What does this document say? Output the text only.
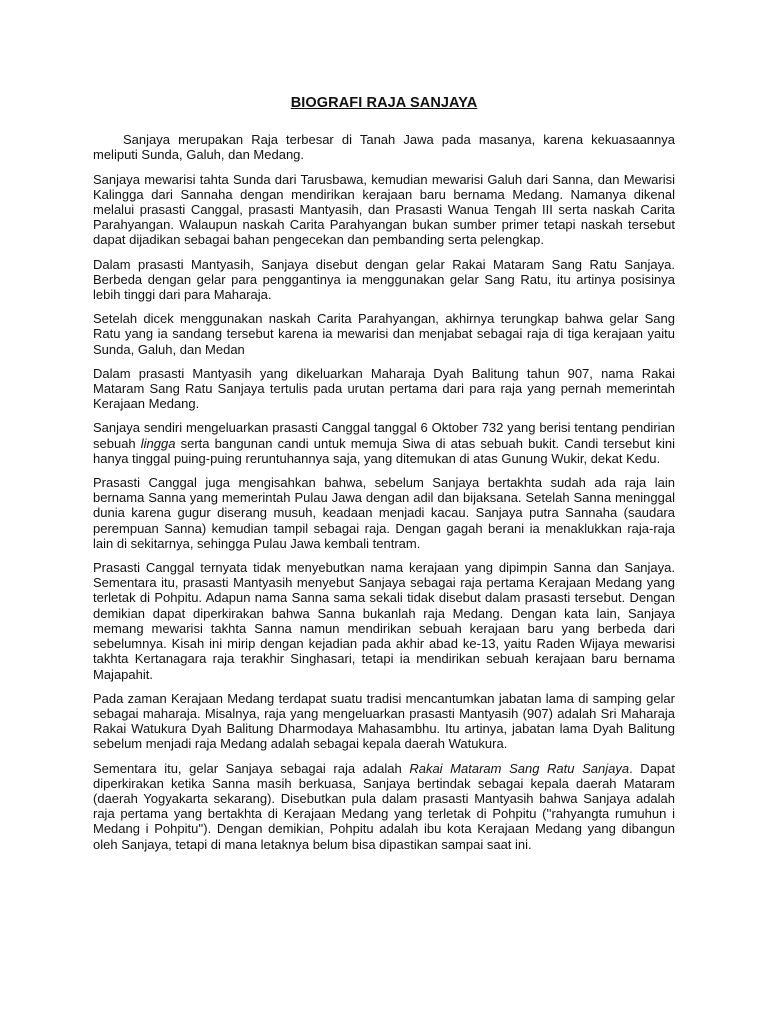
BIOGRAFI RAJA SANJAYA

Sanjaya merupakan Raja terbesar di Tanah Jawa pada masanya, karena kekuasaannya meliputi Sunda, Galuh, dan Medang.

Sanjaya mewarisi tahta Sunda dari Tarusbawa, kemudian mewarisi Galuh dari Sanna, dan Mewarisi Kalingga dari Sannaha dengan mendirikan kerajaan baru bernama Medang. Namanya dikenal melalui prasasti Canggal, prasasti Mantyasih, dan Prasasti Wanua Tengah III serta naskah Carita Parahyangan. Walaupun naskah Carita Parahyangan bukan sumber primer tetapi naskah tersebut dapat dijadikan sebagai bahan pengecekan dan pembanding serta pelengkap.

Dalam prasasti Mantyasih, Sanjaya disebut dengan gelar Rakai Mataram Sang Ratu Sanjaya. Berbeda dengan gelar para penggantinya ia menggunakan gelar Sang Ratu, itu artinya posisinya lebih tinggi dari para Maharaja.

Setelah dicek menggunakan naskah Carita Parahyangan, akhirnya terungkap bahwa gelar Sang Ratu yang ia sandang tersebut karena ia mewarisi dan menjabat sebagai raja di tiga kerajaan yaitu Sunda, Galuh, dan Medan

Dalam prasasti Mantyasih yang dikeluarkan Maharaja Dyah Balitung tahun 907, nama Rakai Mataram Sang Ratu Sanjaya tertulis pada urutan pertama dari para raja yang pernah memerintah Kerajaan Medang.

Sanjaya sendiri mengeluarkan prasasti Canggal tanggal 6 Oktober 732 yang berisi tentang pendirian sebuah lingga serta bangunan candi untuk memuja Siwa di atas sebuah bukit. Candi tersebut kini hanya tinggal puing-puing reruntuhannya saja, yang ditemukan di atas Gunung Wukir, dekat Kedu.

Prasasti Canggal juga mengisahkan bahwa, sebelum Sanjaya bertakhta sudah ada raja lain bernama Sanna yang memerintah Pulau Jawa dengan adil dan bijaksana. Setelah Sanna meninggal dunia karena gugur diserang musuh, keadaan menjadi kacau. Sanjaya putra Sannaha (saudara perempuan Sanna) kemudian tampil sebagai raja. Dengan gagah berani ia menaklukkan raja-raja lain di sekitarnya, sehingga Pulau Jawa kembali tentram.

Prasasti Canggal ternyata tidak menyebutkan nama kerajaan yang dipimpin Sanna dan Sanjaya. Sementara itu, prasasti Mantyasih menyebut Sanjaya sebagai raja pertama Kerajaan Medang yang terletak di Pohpitu. Adapun nama Sanna sama sekali tidak disebut dalam prasasti tersebut. Dengan demikian dapat diperkirakan bahwa Sanna bukanlah raja Medang. Dengan kata lain, Sanjaya memang mewarisi takhta Sanna namun mendirikan sebuah kerajaan baru yang berbeda dari sebelumnya. Kisah ini mirip dengan kejadian pada akhir abad ke-13, yaitu Raden Wijaya mewarisi takhta Kertanagara raja terakhir Singhasari, tetapi ia mendirikan sebuah kerajaan baru bernama Majapahit.

Pada zaman Kerajaan Medang terdapat suatu tradisi mencantumkan jabatan lama di samping gelar sebagai maharaja. Misalnya, raja yang mengeluarkan prasasti Mantyasih (907) adalah Sri Maharaja Rakai Watukura Dyah Balitung Dharmodaya Mahasambhu. Itu artinya, jabatan lama Dyah Balitung sebelum menjadi raja Medang adalah sebagai kepala daerah Watukura.

Sementara itu, gelar Sanjaya sebagai raja adalah Rakai Mataram Sang Ratu Sanjaya. Dapat diperkirakan ketika Sanna masih berkuasa, Sanjaya bertindak sebagai kepala daerah Mataram (daerah Yogyakarta sekarang). Disebutkan pula dalam prasasti Mantyasih bahwa Sanjaya adalah raja pertama yang bertakhta di Kerajaan Medang yang terletak di Pohpitu (''rahyangta rumuhun i Medang i Pohpitu''). Dengan demikian, Pohpitu adalah ibu kota Kerajaan Medang yang dibangun oleh Sanjaya, tetapi di mana letaknya belum bisa dipastikan sampai saat ini.
